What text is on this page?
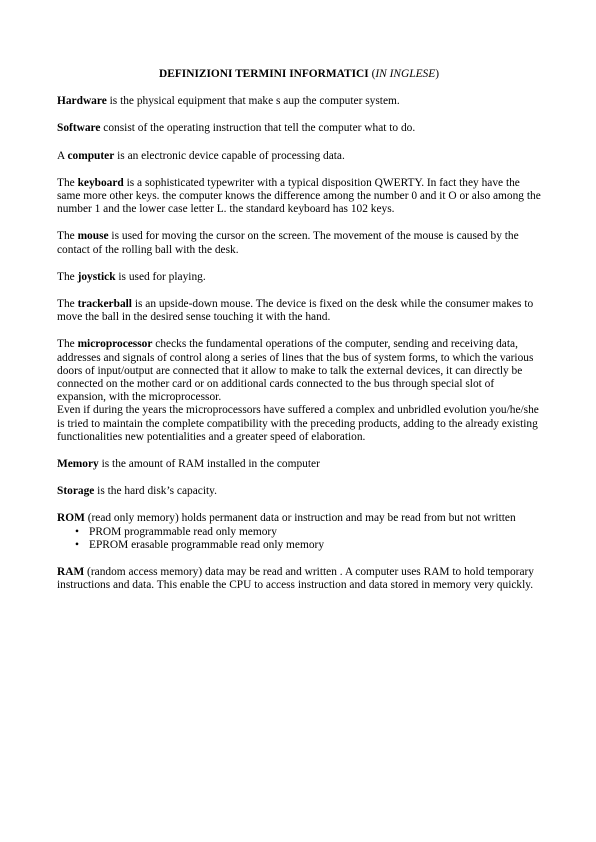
DEFINIZIONI TERMINI INFORMATICI (IN INGLESE)

Hardware is the physical equipment that make s aup the computer system.

Software consist of the operating instruction that tell the computer what to do.

A computer is an electronic device capable of processing data.

The keyboard is a sophisticated typewriter with a typical disposition QWERTY. In fact they have the same more other keys. the computer knows the difference among the number 0 and it O or also among the number 1 and the lower case letter L. the standard keyboard has 102 keys.

The mouse is used for moving the cursor on the screen. The movement of the mouse is caused by the contact of the rolling ball with the desk.

The joystick is used for playing.

The trackerball is an upside-down mouse. The device is fixed on the desk while the consumer makes to move the ball in the desired sense touching it with the hand.

The microprocessor checks the fundamental operations of the computer, sending and receiving data, addresses and signals of control along a series of lines that the bus of system forms, to which the various doors of input/output are connected that it allow to make to talk the external devices, it can directly be connected on the mother card or on additional cards connected to the bus through special slot of expansion, with the microprocessor.

Even if during the years the microprocessors have suffered a complex and unbridled evolution you/he/she is tried to maintain the complete compatibility with the preceding products, adding to the already existing functionalities new potentialities and a greater speed of elaboration.

Memory is the amount of RAM installed in the computer

Storage is the hard disk’s capacity.

ROM (read only memory) holds permanent data or instruction and may be read from but not written

• PROM programmable read only memory
• EPROM erasable programmable read only memory

RAM (random access memory) data may be read and written . A computer uses RAM to hold temporary instructions and data. This enable the CPU to access instruction and data stored in memory very quickly.
